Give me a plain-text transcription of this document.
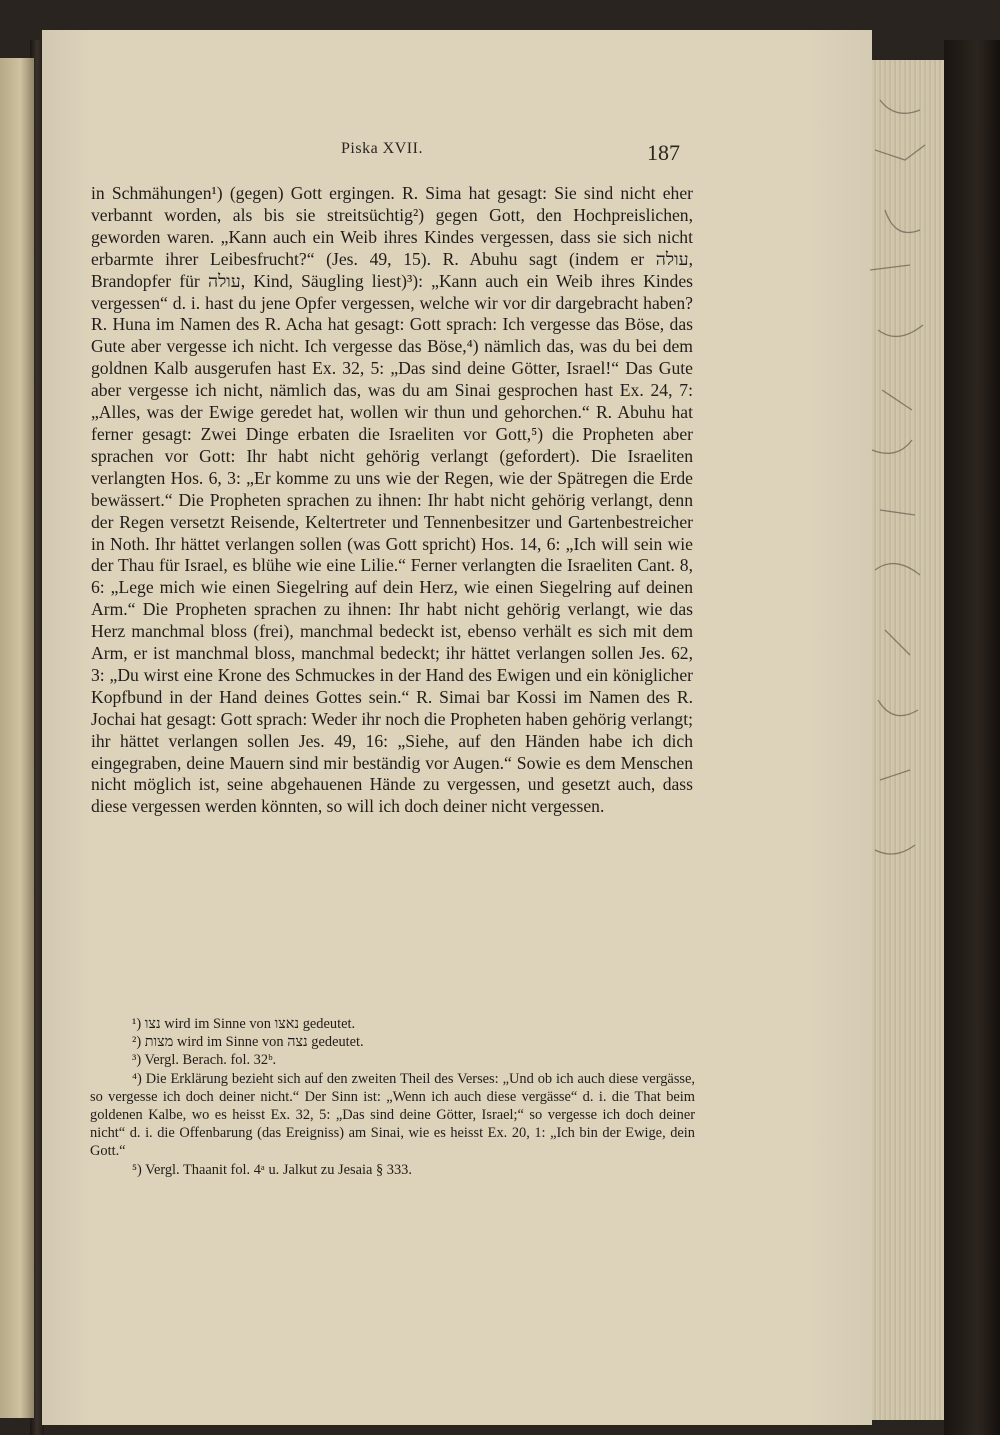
Piska XVII.	187
in Schmähungen¹) (gegen) Gott ergingen. R. Sima hat gesagt: Sie sind nicht eher verbannt worden, als bis sie streitsüchtig²) gegen Gott, den Hochpreislichen, geworden waren. „Kann auch ein Weib ihres Kindes vergessen, dass sie sich nicht erbarmte ihrer Leibesfrucht?“ (Jes. 49, 15). R. Abuhu sagt (indem er עולה, Brandopfer für עולה, Kind, Säugling liest)³): „Kann auch ein Weib ihres Kindes vergessen“ d. i. hast du jene Opfer vergessen, welche wir vor dir dargebracht haben? R. Huna im Namen des R. Acha hat gesagt: Gott sprach: Ich vergesse das Böse, das Gute aber vergesse ich nicht. Ich vergesse das Böse,⁴) nämlich das, was du bei dem goldnen Kalb ausgerufen hast Ex. 32, 5: „Das sind deine Götter, Israel!“ Das Gute aber vergesse ich nicht, nämlich das, was du am Sinai gesprochen hast Ex. 24, 7: „Alles, was der Ewige geredet hat, wollen wir thun und gehorchen.“ R. Abuhu hat ferner gesagt: Zwei Dinge erbaten die Israeliten vor Gott,⁵) die Propheten aber sprachen vor Gott: Ihr habt nicht gehörig verlangt (gefordert). Die Israeliten verlangten Hos. 6, 3: „Er komme zu uns wie der Regen, wie der Spätregen die Erde bewässert.“ Die Propheten sprachen zu ihnen: Ihr habt nicht gehörig verlangt, denn der Regen versetzt Reisende, Keltertreter und Tennenbesitzer und Gartenbestreicher in Noth. Ihr hättet verlangen sollen (was Gott spricht) Hos. 14, 6: „Ich will sein wie der Thau für Israel, es blühe wie eine Lilie.“ Ferner verlangten die Israeliten Cant. 8, 6: „Lege mich wie einen Siegelring auf dein Herz, wie einen Siegelring auf deinen Arm.“ Die Propheten sprachen zu ihnen: Ihr habt nicht gehörig verlangt, wie das Herz manchmal bloss (frei), manchmal bedeckt ist, ebenso verhält es sich mit dem Arm, er ist manchmal bloss, manchmal bedeckt; ihr hättet verlangen sollen Jes. 62, 3: „Du wirst eine Krone des Schmuckes in der Hand des Ewigen und ein königlicher Kopfbund in der Hand deines Gottes sein.“ R. Simai bar Kossi im Namen des R. Jochai hat gesagt: Gott sprach: Weder ihr noch die Propheten haben gehörig verlangt; ihr hättet verlangen sollen Jes. 49, 16: „Siehe, auf den Händen habe ich dich eingegraben, deine Mauern sind mir beständig vor Augen.“ Sowie es dem Menschen nicht möglich ist, seine abgehauenen Hände zu vergessen, und gesetzt auch, dass diese vergessen werden könnten, so will ich doch deiner nicht vergessen.
¹) נצו wird im Sinne von נאצו gedeutet.
²) מצות wird im Sinne von נצה gedeutet.
³) Vergl. Berach. fol. 32ᵇ.
⁴) Die Erklärung bezieht sich auf den zweiten Theil des Verses: „Und ob ich auch diese vergässe, so vergesse ich doch deiner nicht.“ Der Sinn ist: „Wenn ich auch diese vergässe“ d. i. die That beim goldenen Kalbe, wo es heisst Ex. 32, 5: „Das sind deine Götter, Israel;“ so vergesse ich doch deiner nicht“ d. i. die Offenbarung (das Ereigniss) am Sinai, wie es heisst Ex. 20, 1: „Ich bin der Ewige, dein Gott.“
⁵) Vergl. Thaanit fol. 4ᵃ u. Jalkut zu Jesaia § 333.
